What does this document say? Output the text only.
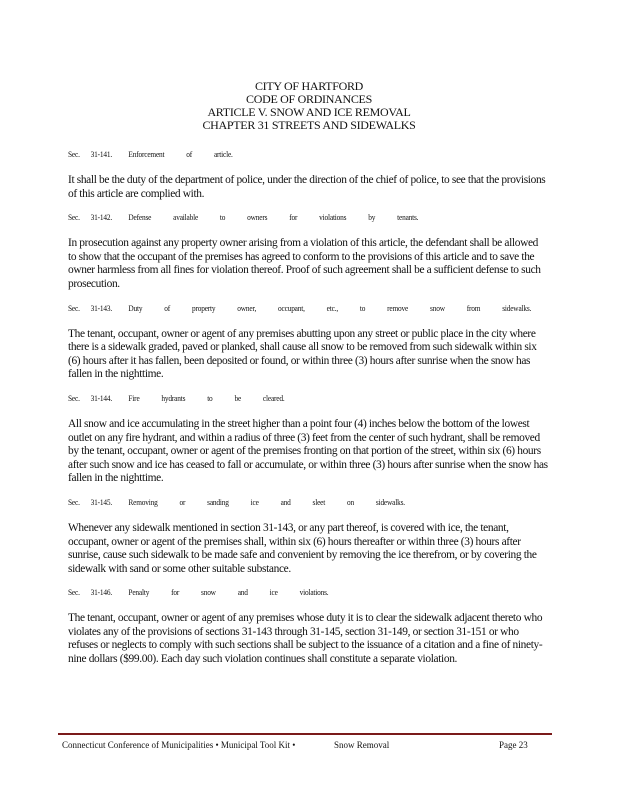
CITY OF HARTFORD
CODE OF ORDINANCES
ARTICLE V. SNOW AND ICE REMOVAL
CHAPTER 31 STREETS AND SIDEWALKS
Sec. 31-141. Enforcement of article.
It shall be the duty of the department of police, under the direction of the chief of police, to see that the provisions of this article are complied with.
Sec. 31-142. Defense available to owners for violations by tenants.
In prosecution against any property owner arising from a violation of this article, the defendant shall be allowed to show that the occupant of the premises has agreed to conform to the provisions of this article and to save the owner harmless from all fines for violation thereof. Proof of such agreement shall be a sufficient defense to such prosecution.
Sec. 31-143. Duty of property owner, occupant, etc., to remove snow from sidewalks.
The tenant, occupant, owner or agent of any premises abutting upon any street or public place in the city where there is a sidewalk graded, paved or planked, shall cause all snow to be removed from such sidewalk within six (6) hours after it has fallen, been deposited or found, or within three (3) hours after sunrise when the snow has fallen in the nighttime.
Sec. 31-144. Fire hydrants to be cleared.
All snow and ice accumulating in the street higher than a point four (4) inches below the bottom of the lowest outlet on any fire hydrant, and within a radius of three (3) feet from the center of such hydrant, shall be removed by the tenant, occupant, owner or agent of the premises fronting on that portion of the street, within six (6) hours after such snow and ice has ceased to fall or accumulate, or within three (3) hours after sunrise when the snow has fallen in the nighttime.
Sec. 31-145. Removing or sanding ice and sleet on sidewalks.
Whenever any sidewalk mentioned in section 31-143, or any part thereof, is covered with ice, the tenant, occupant, owner or agent of the premises shall, within six (6) hours thereafter or within three (3) hours after sunrise, cause such sidewalk to be made safe and convenient by removing the ice therefrom, or by covering the sidewalk with sand or some other suitable substance.
Sec. 31-146. Penalty for snow and ice violations.
The tenant, occupant, owner or agent of any premises whose duty it is to clear the sidewalk adjacent thereto who violates any of the provisions of sections 31-143 through 31-145, section 31-149, or section 31-151 or who refuses or neglects to comply with such sections shall be subject to the issuance of a citation and a fine of ninety-nine dollars ($99.00). Each day such violation continues shall constitute a separate violation.
Connecticut Conference of Municipalities • Municipal Tool Kit •	Snow Removal	Page 23
